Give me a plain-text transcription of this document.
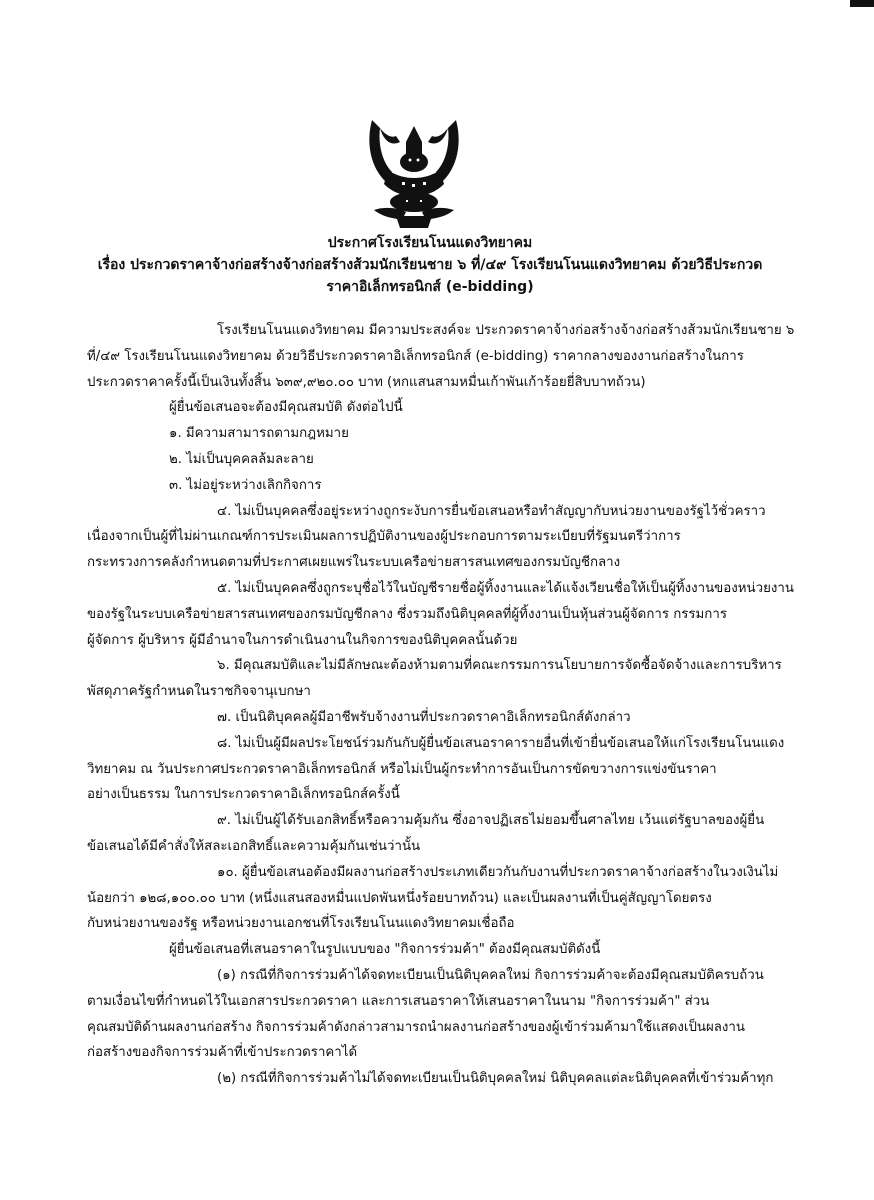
ประกาศโรงเรียนโนนแดงวิทยาคม
เรื่อง ประกวดราคาจ้างก่อสร้างจ้างก่อสร้างส้วมนักเรียนชาย ๖ ที่/๔๙ โรงเรียนโนนแดงวิทยาคม ด้วยวิธีประกวด
ราคาอิเล็กทรอนิกส์ (e-bidding)

โรงเรียนโนนแดงวิทยาคม มีความประสงค์จะ ประกวดราคาจ้างก่อสร้างจ้างก่อสร้างส้วมนักเรียนชาย ๖
ที่/๔๙ โรงเรียนโนนแดงวิทยาคม ด้วยวิธีประกวดราคาอิเล็กทรอนิกส์ (e-bidding) ราคากลางของงานก่อสร้างในการ
ประกวดราคาครั้งนี้เป็นเงินทั้งสิ้น ๖๓๙,๙๒๐.๐๐ บาท (หกแสนสามหมื่นเก้าพันเก้าร้อยยี่สิบบาทถ้วน)

ผู้ยื่นข้อเสนอจะต้องมีคุณสมบัติ ดังต่อไปนี้

๑. มีความสามารถตามกฎหมาย

๒. ไม่เป็นบุคคลล้มละลาย

๓. ไม่อยู่ระหว่างเลิกกิจการ

๔. ไม่เป็นบุคคลซึ่งอยู่ระหว่างถูกระงับการยื่นข้อเสนอหรือทำสัญญากับหน่วยงานของรัฐไว้ชั่วคราว
เนื่องจากเป็นผู้ที่ไม่ผ่านเกณฑ์การประเมินผลการปฏิบัติงานของผู้ประกอบการตามระเบียบที่รัฐมนตรีว่าการ
กระทรวงการคลังกำหนดตามที่ประกาศเผยแพร่ในระบบเครือข่ายสารสนเทศของกรมบัญชีกลาง

๕. ไม่เป็นบุคคลซึ่งถูกระบุชื่อไว้ในบัญชีรายชื่อผู้ทิ้งงานและได้แจ้งเวียนชื่อให้เป็นผู้ทิ้งงานของหน่วยงาน
ของรัฐในระบบเครือข่ายสารสนเทศของกรมบัญชีกลาง ซึ่งรวมถึงนิติบุคคลที่ผู้ทิ้งงานเป็นหุ้นส่วนผู้จัดการ กรรมการ
ผู้จัดการ ผู้บริหาร ผู้มีอำนาจในการดำเนินงานในกิจการของนิติบุคคลนั้นด้วย

๖. มีคุณสมบัติและไม่มีลักษณะต้องห้ามตามที่คณะกรรมการนโยบายการจัดซื้อจัดจ้างและการบริหาร
พัสดุภาครัฐกำหนดในราชกิจจานุเบกษา

๗. เป็นนิติบุคคลผู้มีอาชีพรับจ้างงานที่ประกวดราคาอิเล็กทรอนิกส์ดังกล่าว

๘. ไม่เป็นผู้มีผลประโยชน์ร่วมกันกับผู้ยื่นข้อเสนอราคารายอื่นที่เข้ายื่นข้อเสนอให้แก่โรงเรียนโนนแดง
วิทยาคม ณ วันประกาศประกวดราคาอิเล็กทรอนิกส์ หรือไม่เป็นผู้กระทำการอันเป็นการขัดขวางการแข่งขันราคา
อย่างเป็นธรรม ในการประกวดราคาอิเล็กทรอนิกส์ครั้งนี้

๙. ไม่เป็นผู้ได้รับเอกสิทธิ์หรือความคุ้มกัน ซึ่งอาจปฏิเสธไม่ยอมขึ้นศาลไทย เว้นแต่รัฐบาลของผู้ยื่น
ข้อเสนอได้มีคำสั่งให้สละเอกสิทธิ์และความคุ้มกันเช่นว่านั้น

๑๐. ผู้ยื่นข้อเสนอต้องมีผลงานก่อสร้างประเภทเดียวกันกับงานที่ประกวดราคาจ้างก่อสร้างในวงเงินไม่
น้อยกว่า ๑๒๘,๑๐๐.๐๐ บาท (หนึ่งแสนสองหมื่นแปดพันหนึ่งร้อยบาทถ้วน) และเป็นผลงานที่เป็นคู่สัญญาโดยตรง
กับหน่วยงานของรัฐ หรือหน่วยงานเอกชนที่โรงเรียนโนนแดงวิทยาคมเชื่อถือ

ผู้ยื่นข้อเสนอที่เสนอราคาในรูปแบบของ "กิจการร่วมค้า" ต้องมีคุณสมบัติดังนี้

(๑) กรณีที่กิจการร่วมค้าได้จดทะเบียนเป็นนิติบุคคลใหม่ กิจการร่วมค้าจะต้องมีคุณสมบัติครบถ้วน
ตามเงื่อนไขที่กำหนดไว้ในเอกสารประกวดราคา และการเสนอราคาให้เสนอราคาในนาม "กิจการร่วมค้า" ส่วน
คุณสมบัติด้านผลงานก่อสร้าง กิจการร่วมค้าดังกล่าวสามารถนำผลงานก่อสร้างของผู้เข้าร่วมค้ามาใช้แสดงเป็นผลงาน
ก่อสร้างของกิจการร่วมค้าที่เข้าประกวดราคาได้

(๒) กรณีที่กิจการร่วมค้าไม่ได้จดทะเบียนเป็นนิติบุคคลใหม่ นิติบุคคลแต่ละนิติบุคคลที่เข้าร่วมค้าทุก
